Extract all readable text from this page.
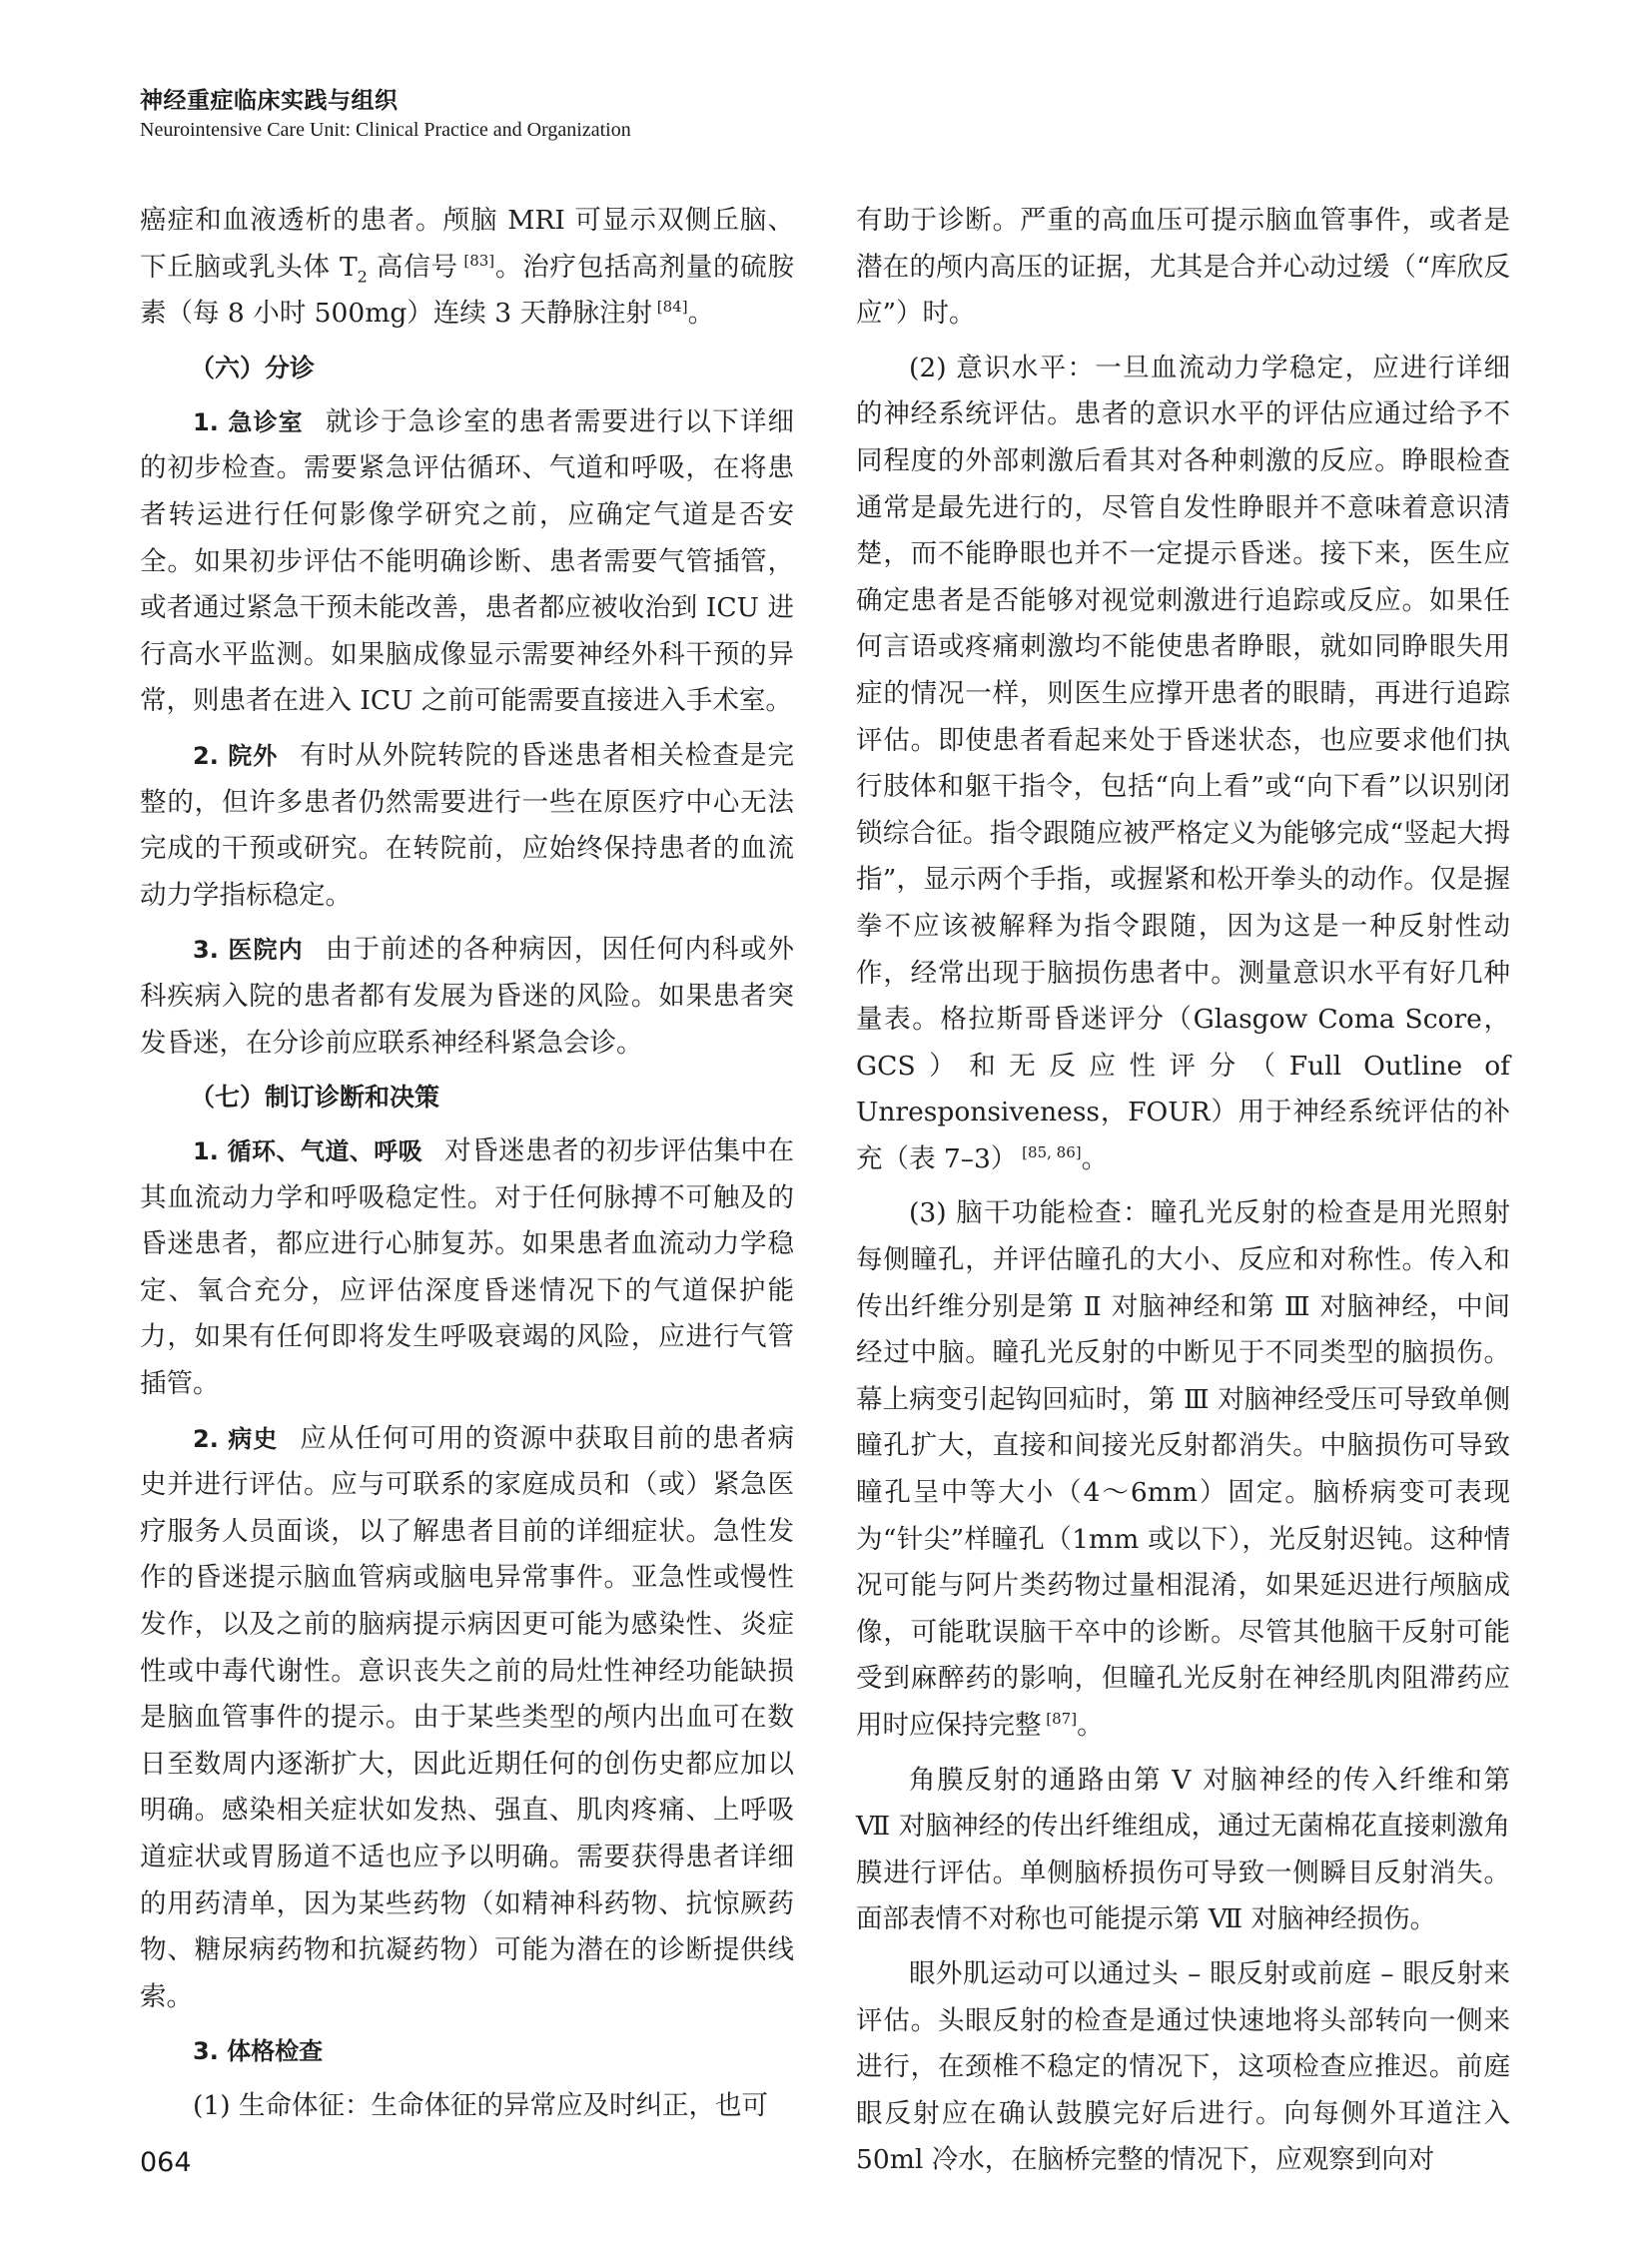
神经重症临床实践与组织
Neurointensive Care Unit: Clinical Practice and Organization

癌症和血液透析的患者。颅脑 MRI 可显示双侧丘脑、下丘脑或乳头体 $T_2$ 高信号 [83]。治疗包括高剂量的硫胺素（每 8 小时 500mg）连续 3 天静脉注射 [84]。

（六）分诊

1. 急诊室 就诊于急诊室的患者需要进行以下详细的初步检查。需要紧急评估循环、气道和呼吸，在将患者转运进行任何影像学研究之前，应确定气道是否安全。如果初步评估不能明确诊断、患者需要气管插管，或者通过紧急干预未能改善，患者都应被收治到 ICU 进行高水平监测。如果脑成像显示需要神经外科干预的异常，则患者在进入 ICU 之前可能需要直接进入手术室。

2. 院外 有时从外院转院的昏迷患者相关检查是完整的，但许多患者仍然需要进行一些在原医疗中心无法完成的干预或研究。在转院前，应始终保持患者的血流动力学指标稳定。

3. 医院内 由于前述的各种病因，因任何内科或外科疾病入院的患者都有发展为昏迷的风险。如果患者突发昏迷，在分诊前应联系神经科紧急会诊。

（七）制订诊断和决策

1. 循环、气道、呼吸 对昏迷患者的初步评估集中在其血流动力学和呼吸稳定性。对于任何脉搏不可触及的昏迷患者，都应进行心肺复苏。如果患者血流动力学稳定、氧合充分，应评估深度昏迷情况下的气道保护能力，如果有任何即将发生呼吸衰竭的风险，应进行气管插管。

2. 病史 应从任何可用的资源中获取目前的患者病史并进行评估。应与可联系的家庭成员和（或）紧急医疗服务人员面谈，以了解患者目前的详细症状。急性发作的昏迷提示脑血管病或脑电异常事件。亚急性或慢性发作，以及之前的脑病提示病因更可能为感染性、炎症性或中毒代谢性。意识丧失之前的局灶性神经功能缺损是脑血管事件的提示。由于某些类型的颅内出血可在数日至数周内逐渐扩大，因此近期任何的创伤史都应加以明确。感染相关症状如发热、强直、肌肉疼痛、上呼吸道症状或胃肠道不适也应予以明确。需要获得患者详细的用药清单，因为某些药物（如精神科药物、抗惊厥药物、糖尿病药物和抗凝药物）可能为潜在的诊断提供线索。

3. 体格检查

(1) 生命体征：生命体征的异常应及时纠正，也可

有助于诊断。严重的高血压可提示脑血管事件，或者是潜在的颅内高压的证据，尤其是合并心动过缓（“库欣反应”）时。

(2) 意识水平：一旦血流动力学稳定，应进行详细的神经系统评估。患者的意识水平的评估应通过给予不同程度的外部刺激后看其对各种刺激的反应。睁眼检查通常是最先进行的，尽管自发性睁眼并不意味着意识清楚，而不能睁眼也并不一定提示昏迷。接下来，医生应确定患者是否能够对视觉刺激进行追踪或反应。如果任何言语或疼痛刺激均不能使患者睁眼，就如同睁眼失用症的情况一样，则医生应撑开患者的眼睛，再进行追踪评估。即使患者看起来处于昏迷状态，也应要求他们执行肢体和躯干指令，包括“向上看”或“向下看”以识别闭锁综合征。指令跟随应被严格定义为能够完成“竖起大拇指”，显示两个手指，或握紧和松开拳头的动作。仅是握拳不应该被解释为指令跟随，因为这是一种反射性动作，经常出现于脑损伤患者中。测量意识水平有好几种量表。格拉斯哥昏迷评分（Glasgow Coma Score，GCS）和无反应性评分（Full Outline of Unresponsiveness，FOUR）用于神经系统评估的补充（表 7–3） [85, 86]。

(3) 脑干功能检查：瞳孔光反射的检查是用光照射每侧瞳孔，并评估瞳孔的大小、反应和对称性。传入和传出纤维分别是第 Ⅱ 对脑神经和第 Ⅲ 对脑神经，中间经过中脑。瞳孔光反射的中断见于不同类型的脑损伤。幕上病变引起钩回疝时，第 Ⅲ 对脑神经受压可导致单侧瞳孔扩大，直接和间接光反射都消失。中脑损伤可导致瞳孔呈中等大小（4～6mm）固定。脑桥病变可表现为“针尖”样瞳孔（1mm 或以下），光反射迟钝。这种情况可能与阿片类药物过量相混淆，如果延迟进行颅脑成像，可能耽误脑干卒中的诊断。尽管其他脑干反射可能受到麻醉药的影响，但瞳孔光反射在神经肌肉阻滞药应用时应保持完整 [87]。

角膜反射的通路由第 Ⅴ 对脑神经的传入纤维和第 Ⅶ 对脑神经的传出纤维组成，通过无菌棉花直接刺激角膜进行评估。单侧脑桥损伤可导致一侧瞬目反射消失。面部表情不对称也可能提示第 Ⅶ 对脑神经损伤。

眼外肌运动可以通过头 – 眼反射或前庭 – 眼反射来评估。头眼反射的检查是通过快速地将头部转向一侧来进行，在颈椎不稳定的情况下，这项检查应推迟。前庭眼反射应在确认鼓膜完好后进行。向每侧外耳道注入 50ml 冷水，在脑桥完整的情况下，应观察到向对

064
